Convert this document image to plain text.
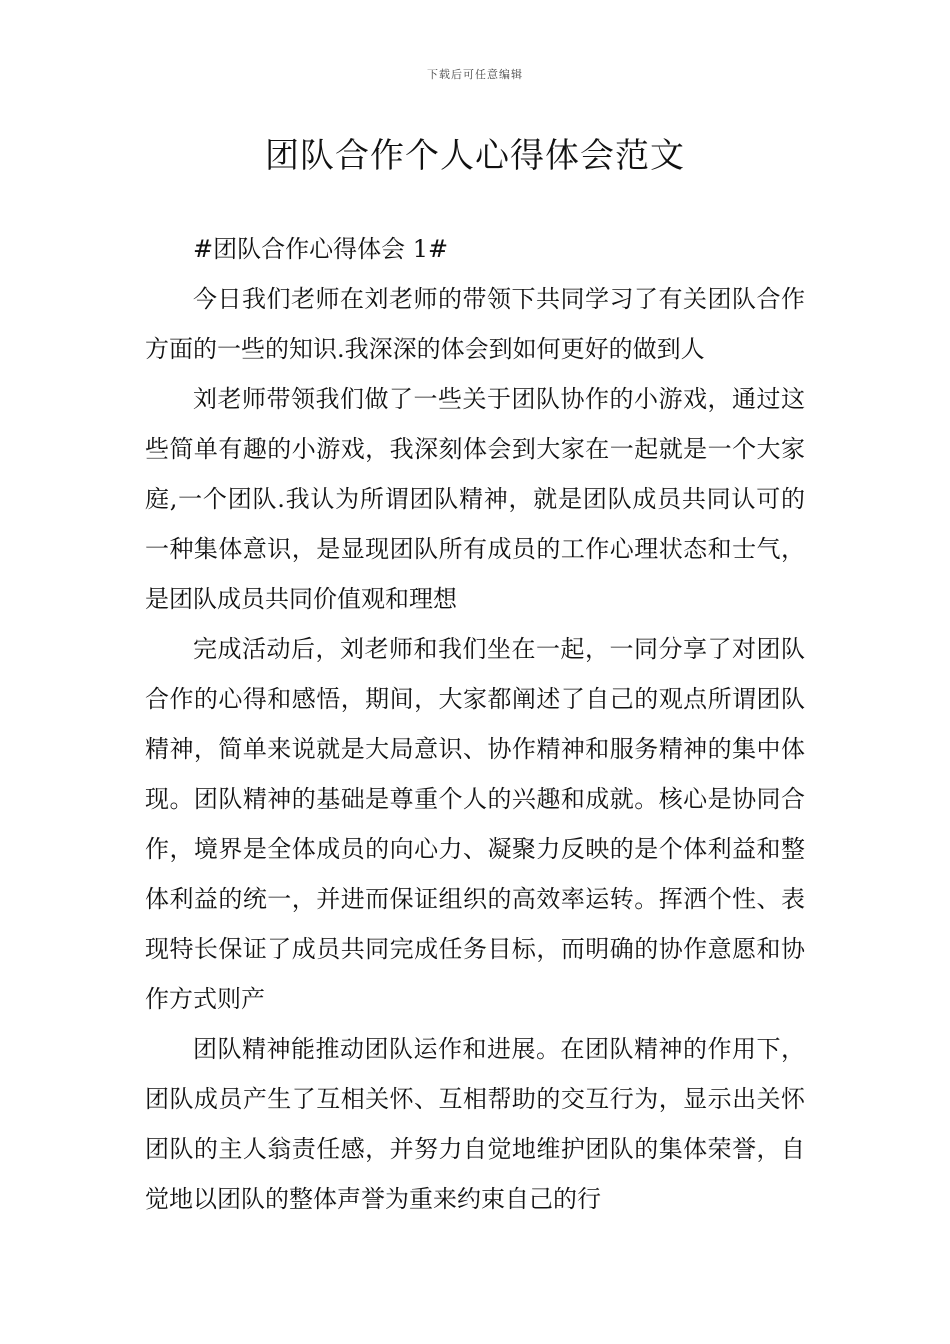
下载后可任意编辑
团队合作个人心得体会范文

#团队合作心得体会 1#

今日我们老师在刘老师的带领下共同学习了有关团队合作方面的一些的知识.我深深的体会到如何更好的做到人

刘老师带领我们做了一些关于团队协作的小游戏，通过这些简单有趣的小游戏，我深刻体会到大家在一起就是一个大家庭,一个团队.我认为所谓团队精神，就是团队成员共同认可的一种集体意识，是显现团队所有成员的工作心理状态和士气，是团队成员共同价值观和理想

完成活动后，刘老师和我们坐在一起，一同分享了对团队合作的心得和感悟，期间，大家都阐述了自己的观点所谓团队精神，简单来说就是大局意识、协作精神和服务精神的集中体现。团队精神的基础是尊重个人的兴趣和成就。核心是协同合作，境界是全体成员的向心力、凝聚力反映的是个体利益和整体利益的统一，并进而保证组织的高效率运转。挥洒个性、表现特长保证了成员共同完成任务目标，而明确的协作意愿和协作方式则产

团队精神能推动团队运作和进展。在团队精神的作用下，团队成员产生了互相关怀、互相帮助的交互行为，显示出关怀团队的主人翁责任感，并努力自觉地维护团队的集体荣誉，自觉地以团队的整体声誉为重来约束自己的行
